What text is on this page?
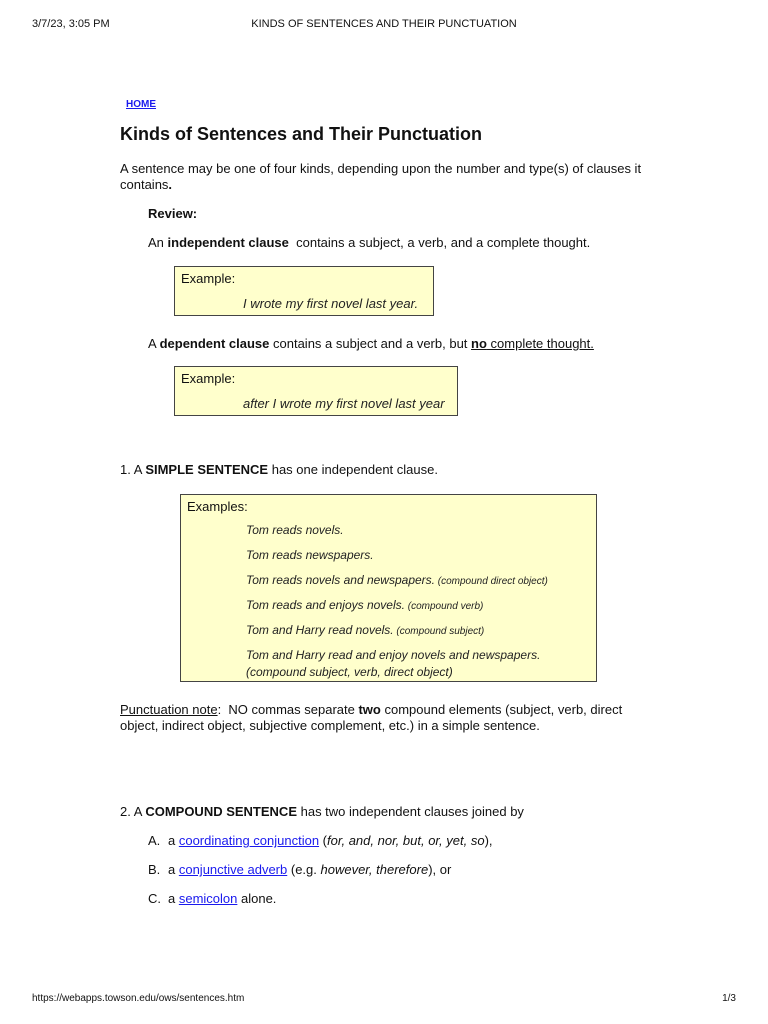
3/7/23, 3:05 PM	KINDS OF SENTENCES AND THEIR PUNCTUATION
HOME
Kinds of Sentences and Their Punctuation

A sentence may be one of four kinds, depending upon the number and type(s) of clauses it contains.

Review:
An independent clause  contains a subject, a verb, and a complete thought.
Example:
I wrote my first novel last year.
A dependent clause contains a subject and a verb, but no complete thought.
Example:
after I wrote my first novel last year
1. A SIMPLE SENTENCE has one independent clause.
Examples:
Tom reads novels.
Tom reads newspapers.
Tom reads novels and newspapers. (compound direct object)
Tom reads and enjoys novels. (compound verb)
Tom and Harry read novels. (compound subject)
Tom and Harry read and enjoy novels and newspapers.
(compound subject, verb, direct object)

Punctuation note:  NO commas separate two compound elements (subject, verb, direct object, indirect object, subjective complement, etc.) in a simple sentence.

2. A COMPOUND SENTENCE has two independent clauses joined by
A. a coordinating conjunction (for, and, nor, but, or, yet, so),
B. a conjunctive adverb (e.g. however, therefore), or
C. a semicolon alone.
https://webapps.towson.edu/ows/sentences.htm	1/3
